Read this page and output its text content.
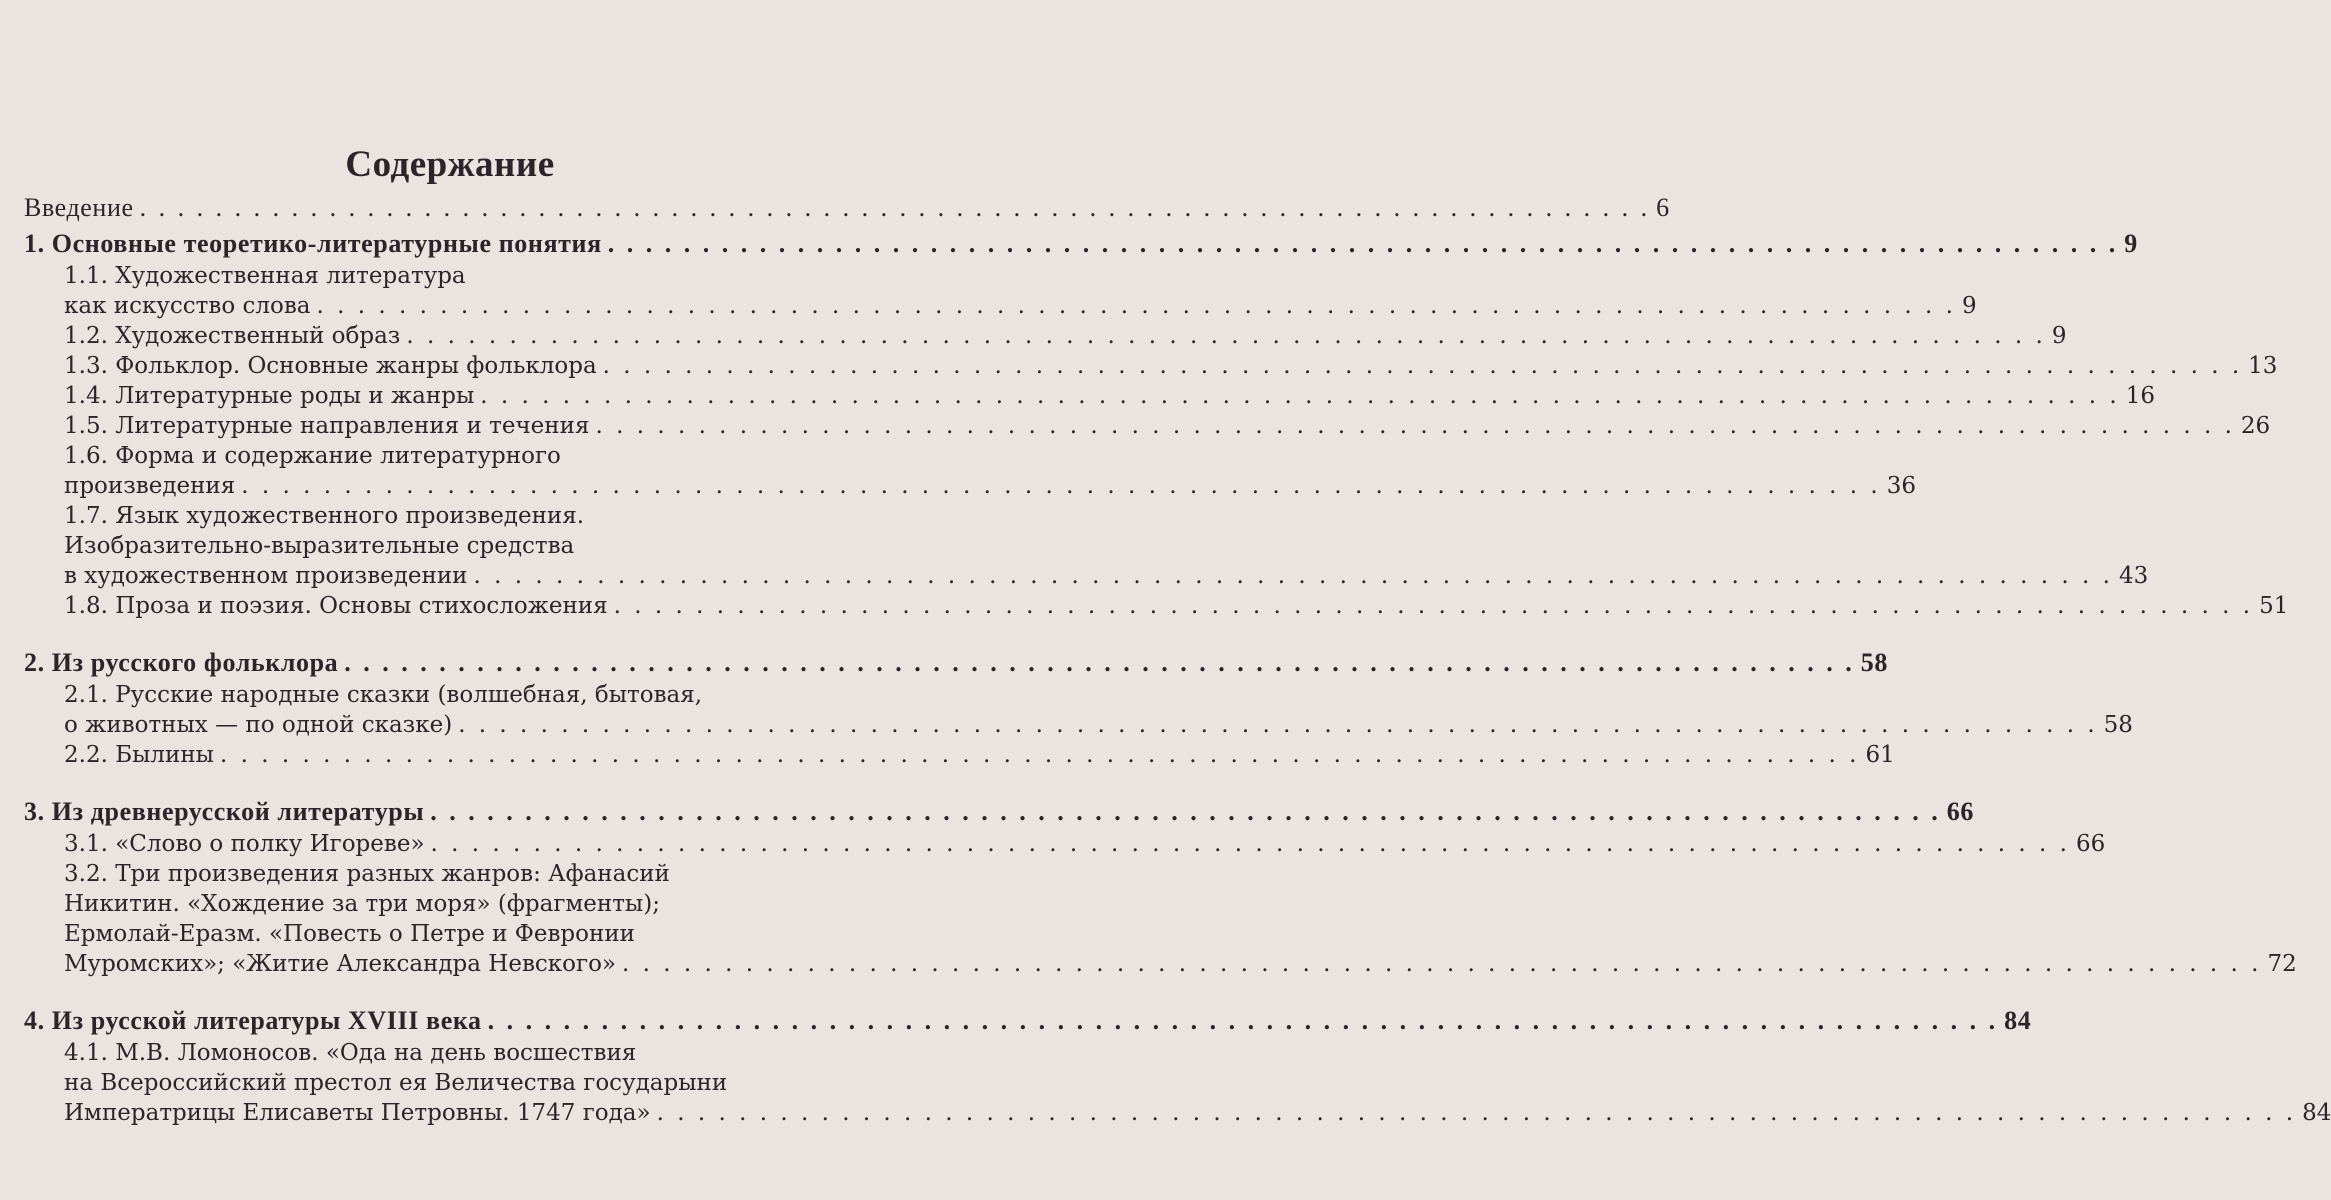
Содержание
Введение . . . . . . . . . . . . . . . . . . . . . . . . . . . . . . . . . . . . . . . . . . . . . . . . . . . . . . . . . . . . . . . . . . . . . . . . . . . . . . . . 6
1. Основные теоретико-литературные понятия . . . . . . . . . . . . . . . . . . . . . . . . . . . . . . . . . . . . . . . . . . . . . . . . . . . . . . . . . . . . . . . . . . . . . . . . . . . . . . . . 9
1.1. Художественная литература
как искусство слова . . . . . . . . . . . . . . . . . . . . . . . . . . . . . . . . . . . . . . . . . . . . . . . . . . . . . . . . . . . . . . . . . . . . . . . . . . . . . . . . 9
1.2. Художественный образ . . . . . . . . . . . . . . . . . . . . . . . . . . . . . . . . . . . . . . . . . . . . . . . . . . . . . . . . . . . . . . . . . . . . . . . . . . . . . . . . 9
1.3. Фольклор. Основные жанры фольклора . . . . . . . . . . . . . . . . . . . . . . . . . . . . . . . . . . . . . . . . . . . . . . . . . . . . . . . . . . . . . . . . . . . . . . . . . . . . . . . . 13
1.4. Литературные роды и жанры . . . . . . . . . . . . . . . . . . . . . . . . . . . . . . . . . . . . . . . . . . . . . . . . . . . . . . . . . . . . . . . . . . . . . . . . . . . . . . . . 16
1.5. Литературные направления и течения . . . . . . . . . . . . . . . . . . . . . . . . . . . . . . . . . . . . . . . . . . . . . . . . . . . . . . . . . . . . . . . . . . . . . . . . . . . . . . . . 26
1.6. Форма и содержание литературного
произведения . . . . . . . . . . . . . . . . . . . . . . . . . . . . . . . . . . . . . . . . . . . . . . . . . . . . . . . . . . . . . . . . . . . . . . . . . . . . . . . . 36
1.7. Язык художественного произведения.
Изобразительно-выразительные средства
в художественном произведении . . . . . . . . . . . . . . . . . . . . . . . . . . . . . . . . . . . . . . . . . . . . . . . . . . . . . . . . . . . . . . . . . . . . . . . . . . . . . . . . 43
1.8. Проза и поэзия. Основы стихосложения . . . . . . . . . . . . . . . . . . . . . . . . . . . . . . . . . . . . . . . . . . . . . . . . . . . . . . . . . . . . . . . . . . . . . . . . . . . . . . . . 51
2. Из русского фольклора . . . . . . . . . . . . . . . . . . . . . . . . . . . . . . . . . . . . . . . . . . . . . . . . . . . . . . . . . . . . . . . . . . . . . . . . . . . . . . . . 58
2.1. Русские народные сказки (волшебная, бытовая,
о животных — по одной сказке) . . . . . . . . . . . . . . . . . . . . . . . . . . . . . . . . . . . . . . . . . . . . . . . . . . . . . . . . . . . . . . . . . . . . . . . . . . . . . . . . 58
2.2. Былины . . . . . . . . . . . . . . . . . . . . . . . . . . . . . . . . . . . . . . . . . . . . . . . . . . . . . . . . . . . . . . . . . . . . . . . . . . . . . . . . 61
3. Из древнерусской литературы . . . . . . . . . . . . . . . . . . . . . . . . . . . . . . . . . . . . . . . . . . . . . . . . . . . . . . . . . . . . . . . . . . . . . . . . . . . . . . . . 66
3.1. «Слово о полку Игореве» . . . . . . . . . . . . . . . . . . . . . . . . . . . . . . . . . . . . . . . . . . . . . . . . . . . . . . . . . . . . . . . . . . . . . . . . . . . . . . . . 66
3.2. Три произведения разных жанров: Афанасий
Никитин. «Хождение за три моря» (фрагменты);
Ермолай-Еразм. «Повесть о Петре и Февронии
Муромских»; «Житие Александра Невского» . . . . . . . . . . . . . . . . . . . . . . . . . . . . . . . . . . . . . . . . . . . . . . . . . . . . . . . . . . . . . . . . . . . . . . . . . . . . . . . . 72
4. Из русской литературы XVIII века . . . . . . . . . . . . . . . . . . . . . . . . . . . . . . . . . . . . . . . . . . . . . . . . . . . . . . . . . . . . . . . . . . . . . . . . . . . . . . . . 84
4.1. М.В. Ломоносов. «Ода на день восшествия
на Всероссийский престол ея Величества государыни
Императрицы Елисаветы Петровны. 1747 года» . . . . . . . . . . . . . . . . . . . . . . . . . . . . . . . . . . . . . . . . . . . . . . . . . . . . . . . . . . . . . . . . . . . . . . . . . . . . . . . . 84
